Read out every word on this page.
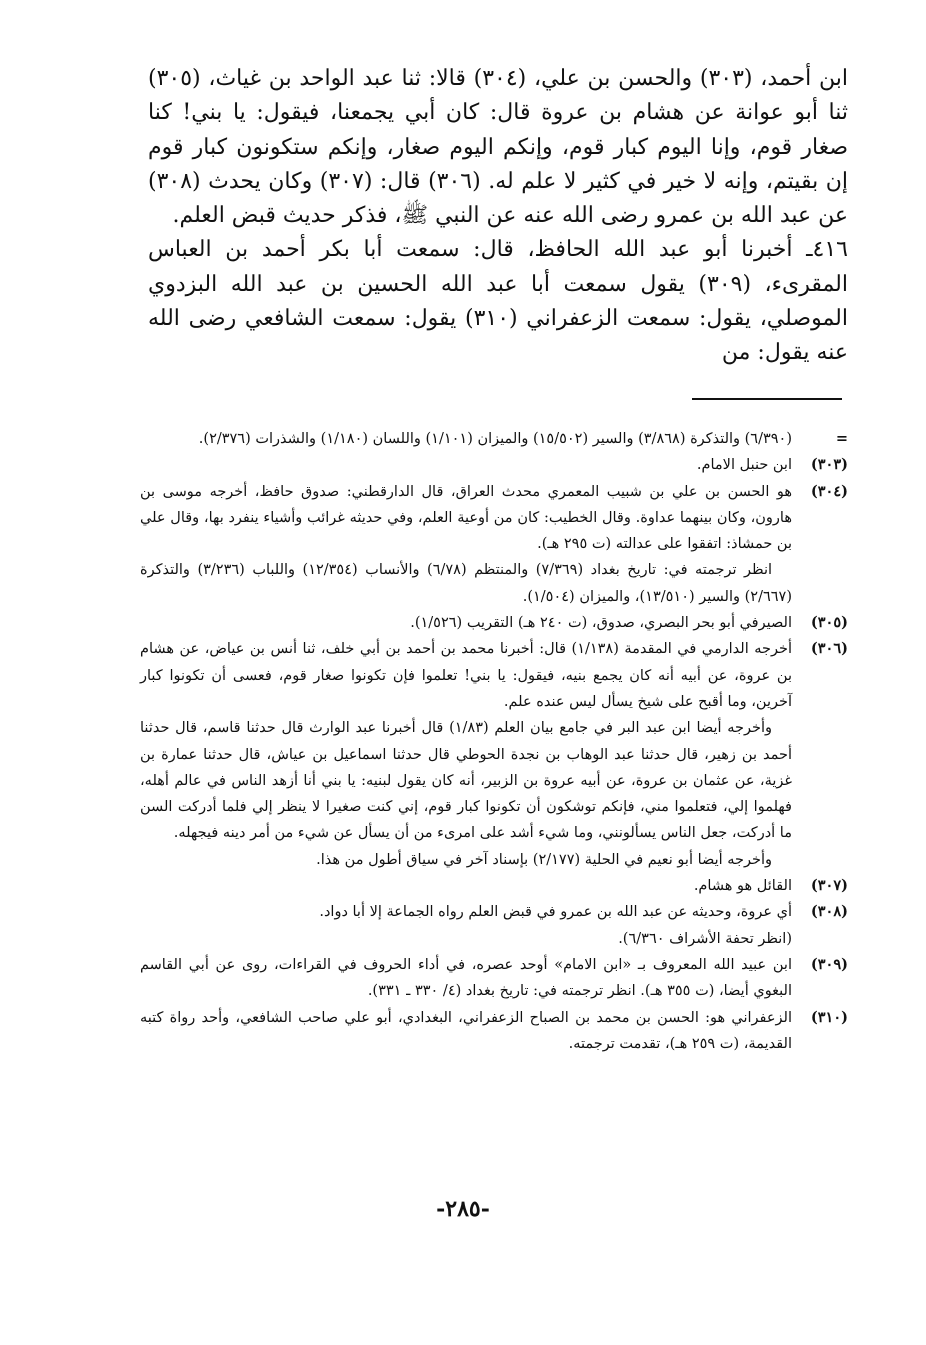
ابن أحمد، (٣٠٣) والحسن بن علي، (٣٠٤) قالا: ثنا عبد الواحد بن غياث، (٣٠٥) ثنا أبو عوانة عن هشام بن عروة قال: كان أبي يجمعنا، فيقول: يا بني! كنا صغار قوم، وإنا اليوم كبار قوم، وإنكم اليوم صغار، وإنكم ستكونون كبار قوم إن بقيتم، وإنه لا خير في كثير لا علم له. (٣٠٦) قال: (٣٠٧) وكان يحدث (٣٠٨) عن عبد الله بن عمرو رضى الله عنه عن النبي ﷺ، فذكر حديث قبض العلم.

٤١٦ـ أخبرنا أبو عبد الله الحافظ، قال: سمعت أبا بكر أحمد بن العباس المقرىء، (٣٠٩) يقول سمعت أبا عبد الله الحسين بن عبد الله البزدوي الموصلي، يقول: سمعت الزعفراني (٣١٠) يقول: سمعت الشافعي رضى الله عنه يقول: من

=

(٦/٣٩٠) والتذكرة (٣/٨٦٨) والسير (١٥/٥٠٢) والميزان (١/١٠١) واللسان (١/١٨٠) والشذرات (٢/٣٧٦).

(٣٠٣)

ابن حنبل الامام.

(٣٠٤)

هو الحسن بن علي بن شبيب المعمري محدث العراق، قال الدارقطني: صدوق حافظ، أخرجه موسى بن هارون، وكان بينهما عداوة. وقال الخطيب: كان من أوعية العلم، وفي حديثه غرائب وأشياء ينفرد بها، وقال علي بن حمشاذ: اتفقوا على عدالته (ت ٢٩٥ هـ).

انظر ترجمته في: تاريخ بغداد (٧/٣٦٩) والمنتظم (٦/٧٨) والأنساب (١٢/٣٥٤) واللباب (٣/٢٣٦) والتذكرة (٢/٦٦٧) والسير (١٣/٥١٠)، والميزان (١/٥٠٤).

(٣٠٥)

الصيرفي أبو بحر البصري، صدوق، (ت ٢٤٠ هـ) التقريب (١/٥٢٦).

(٣٠٦)

أخرجه الدارمي في المقدمة (١/١٣٨) قال: أخبرنا محمد بن أحمد بن أبي خلف، ثنا أنس بن عياض، عن هشام بن عروة، عن أبيه أنه كان يجمع بنيه، فيقول: يا بني! تعلموا فإن تكونوا صغار قوم، فعسى أن تكونوا كبار آخرين، وما أقبح على شيخ يسأل ليس عنده علم.

وأخرجه أيضا ابن عبد البر في جامع بيان العلم (١/٨٣) قال أخبرنا عبد الوارث قال حدثنا قاسم، قال حدثنا أحمد بن زهير، قال حدثنا عبد الوهاب بن نجدة الحوطي قال حدثنا اسماعيل بن عياش، قال حدثنا عمارة بن غزية، عن عثمان بن عروة، عن أبيه عروة بن الزبير، أنه كان يقول لبنيه: يا بني أنا أزهد الناس في عالم أهله، فهلموا إلي، فتعلموا مني، فإنكم توشكون أن تكونوا كبار قوم، إني كنت صغيرا لا ينظر إلي فلما أدركت السن ما أدركت، جعل الناس يسألونني، وما شيء أشد على امرىء من أن يسأل عن شيء من أمر دينه فيجهله.

وأخرجه أيضا أبو نعيم في الحلية (٢/١٧٧) بإسناد آخر في سياق أطول من هذا.

(٣٠٧)

القائل هو هشام.

(٣٠٨)

أي عروة، وحديثه عن عبد الله بن عمرو في قبض العلم رواه الجماعة إلا أبا دواد.

(انظر تحفة الأشراف ٦/٣٦٠).

(٣٠٩)

ابن عبيد الله المعروف بـ «ابن الامام» أوحد عصره، في أداء الحروف في القراءات، روى عن أبي القاسم البغوي أيضا، (ت ٣٥٥ هـ). انظر ترجمته في: تاريخ بغداد (٤/ ٣٣٠ ـ ٣٣١).

(٣١٠)

الزعفراني هو: الحسن بن محمد بن الصباح الزعفراني، البغدادي، أبو علي صاحب الشافعي، وأحد رواة كتبه القديمة، (ت ٢٥٩ هـ)، تقدمت ترجمته.

-٢٨٥-
